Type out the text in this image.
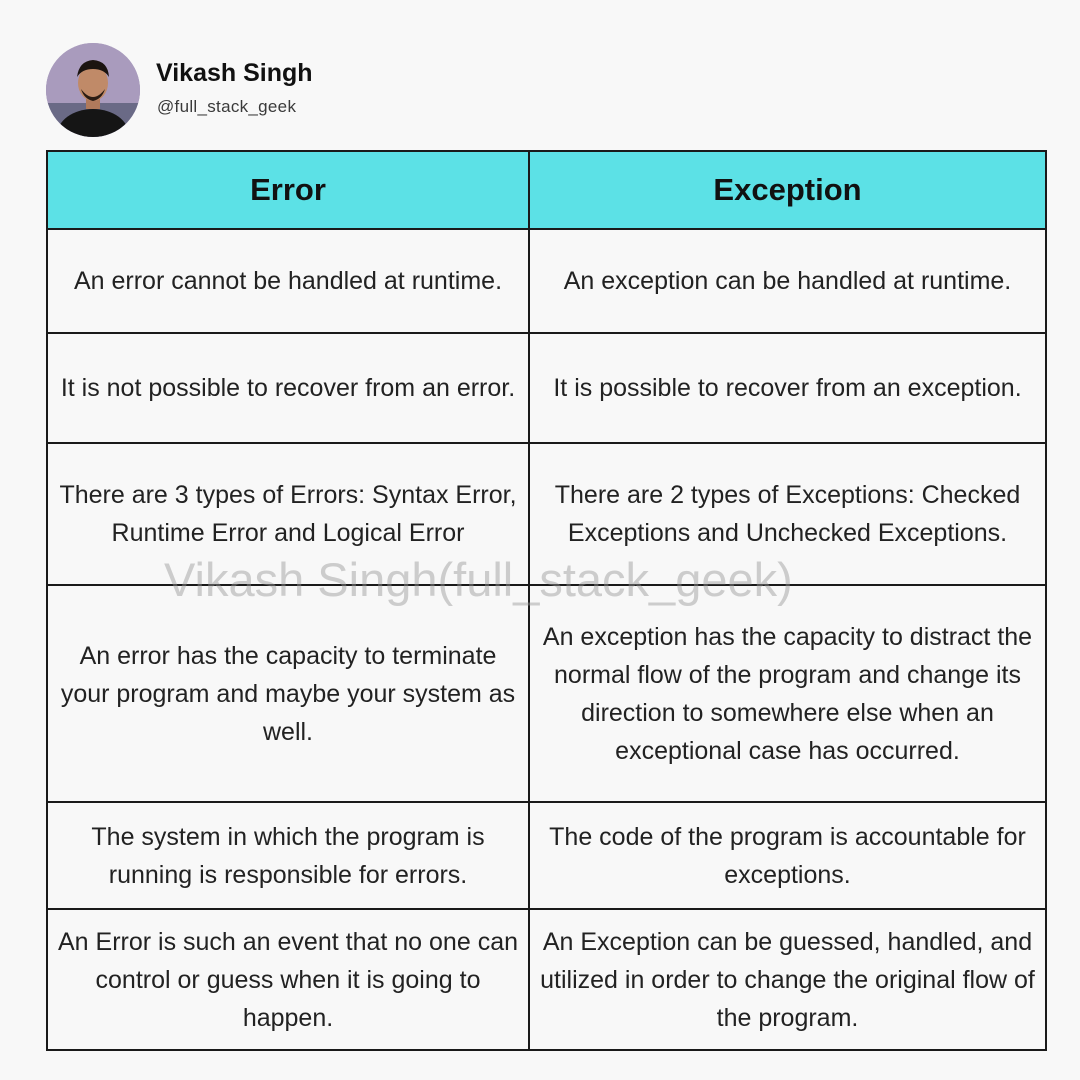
Vikash Singh
@full_stack_geek
Error	Exception
An error cannot be handled at runtime.	An exception can be handled at runtime.
It is not possible to recover from an error.	It is possible to recover from an exception.
There are 3 types of Errors: Syntax Error, Runtime Error and Logical Error	There are 2 types of Exceptions: Checked Exceptions and Unchecked Exceptions.
An error has the capacity to terminate your program and maybe your system as well.	An exception has the capacity to distract the normal flow of the program and change its direction to somewhere else when an exceptional case has occurred.
The system in which the program is running is responsible for errors.	The code of the program is accountable for exceptions.
An Error is such an event that no one can control or guess when it is going to happen.	An Exception can be guessed, handled, and utilized in order to change the original flow of the program.
Vikash Singh(full_stack_geek)
